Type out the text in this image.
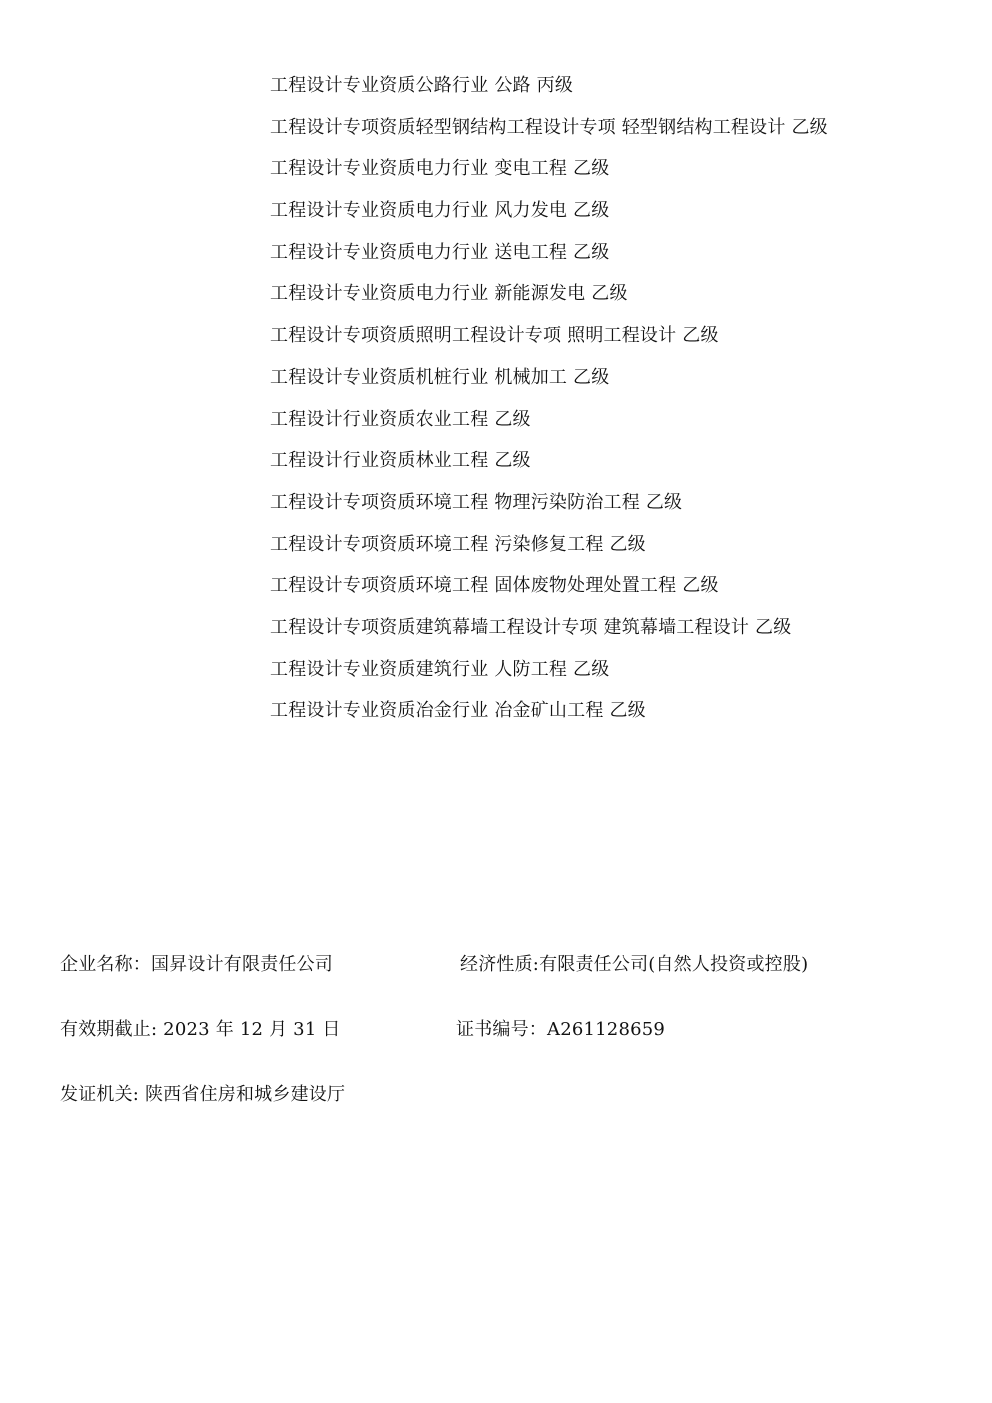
工程设计专业资质公路行业 公路 丙级
工程设计专项资质轻型钢结构工程设计专项 轻型钢结构工程设计 乙级
工程设计专业资质电力行业 变电工程 乙级
工程设计专业资质电力行业 风力发电 乙级
工程设计专业资质电力行业 送电工程 乙级
工程设计专业资质电力行业 新能源发电 乙级
工程设计专项资质照明工程设计专项 照明工程设计 乙级
工程设计专业资质机桩行业 机械加工 乙级
工程设计行业资质农业工程 乙级
工程设计行业资质林业工程 乙级
工程设计专项资质环境工程 物理污染防治工程 乙级
工程设计专项资质环境工程 污染修复工程 乙级
工程设计专项资质环境工程 固体废物处理处置工程 乙级
工程设计专项资质建筑幕墙工程设计专项 建筑幕墙工程设计 乙级
工程设计专业资质建筑行业 人防工程 乙级
工程设计专业资质冶金行业 冶金矿山工程 乙级
企业名称：国昇设计有限责任公司	经济性质:有限责任公司(自然人投资或控股)
有效期截止: 2023 年 12 月 31 日	证书编号：A261128659
发证机关: 陕西省住房和城乡建设厅
